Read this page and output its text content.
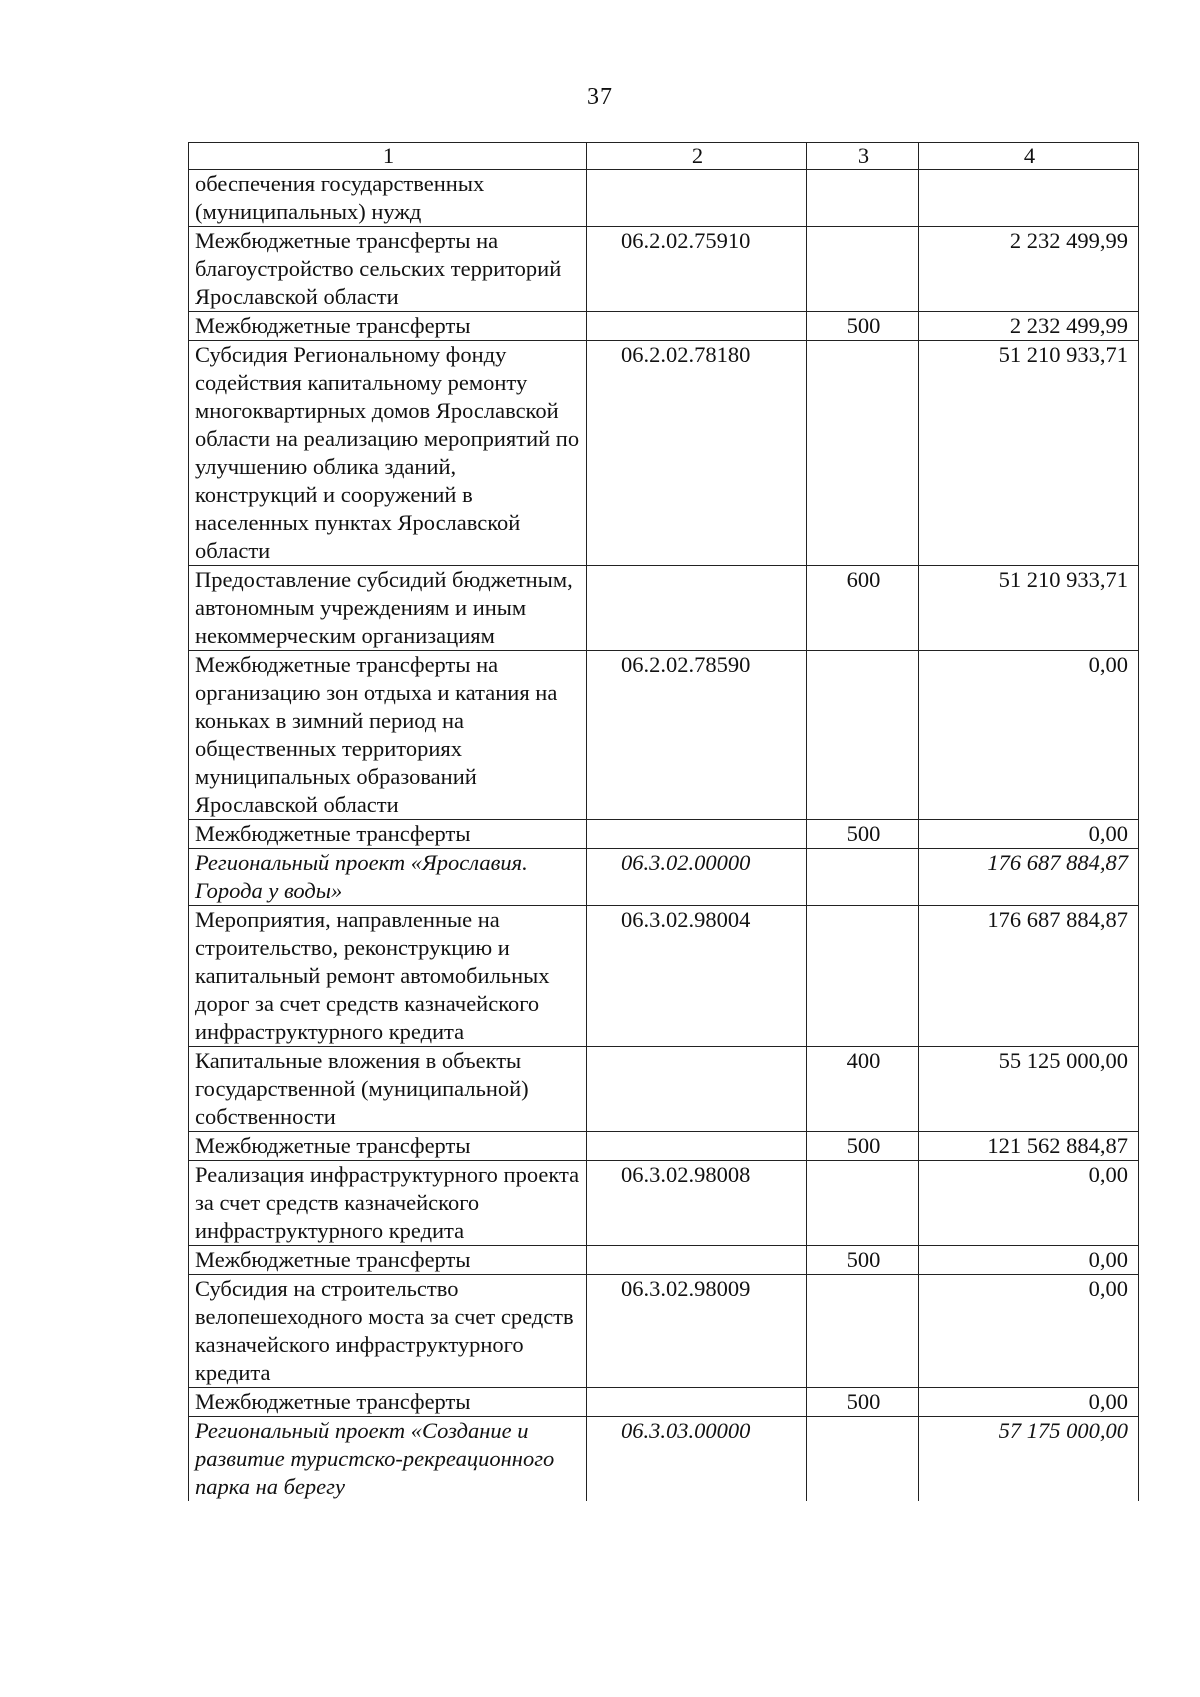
37
1	2	3	4
обеспечения государственных (муниципальных) нужд			
Межбюджетные трансферты на благоустройство сельских территорий Ярославской области	06.2.02.75910		2 232 499,99
Межбюджетные трансферты		500	2 232 499,99
Субсидия Региональному фонду содействия капитальному ремонту многоквартирных домов Ярославской области на реализацию мероприятий по улучшению облика зданий, конструкций и сооружений в населенных пунктах Ярославской области	06.2.02.78180		51 210 933,71
Предоставление субсидий бюджетным, автономным учреждениям и иным некоммерческим организациям		600	51 210 933,71
Межбюджетные трансферты на организацию зон отдыха и катания на коньках в зимний период на общественных территориях муниципальных образований Ярославской области	06.2.02.78590		0,00
Межбюджетные трансферты		500	0,00
Региональный проект «Ярославия. Города у воды»	06.3.02.00000		176 687 884,87
Мероприятия, направленные на строительство, реконструкцию и капитальный ремонт автомобильных дорог за счет средств казначейского инфраструктурного кредита	06.3.02.98004		176 687 884,87
Капитальные вложения в объекты государственной (муниципальной) собственности		400	55 125 000,00
Межбюджетные трансферты		500	121 562 884,87
Реализация инфраструктурного проекта за счет средств казначейского инфраструктурного кредита	06.3.02.98008		0,00
Межбюджетные трансферты		500	0,00
Субсидия на строительство велопешеходного моста за счет средств казначейского инфраструктурного кредита	06.3.02.98009		0,00
Межбюджетные трансферты		500	0,00
Региональный проект «Создание и развитие туристско-рекреационного парка на берегу	06.3.03.00000		57 175 000,00
